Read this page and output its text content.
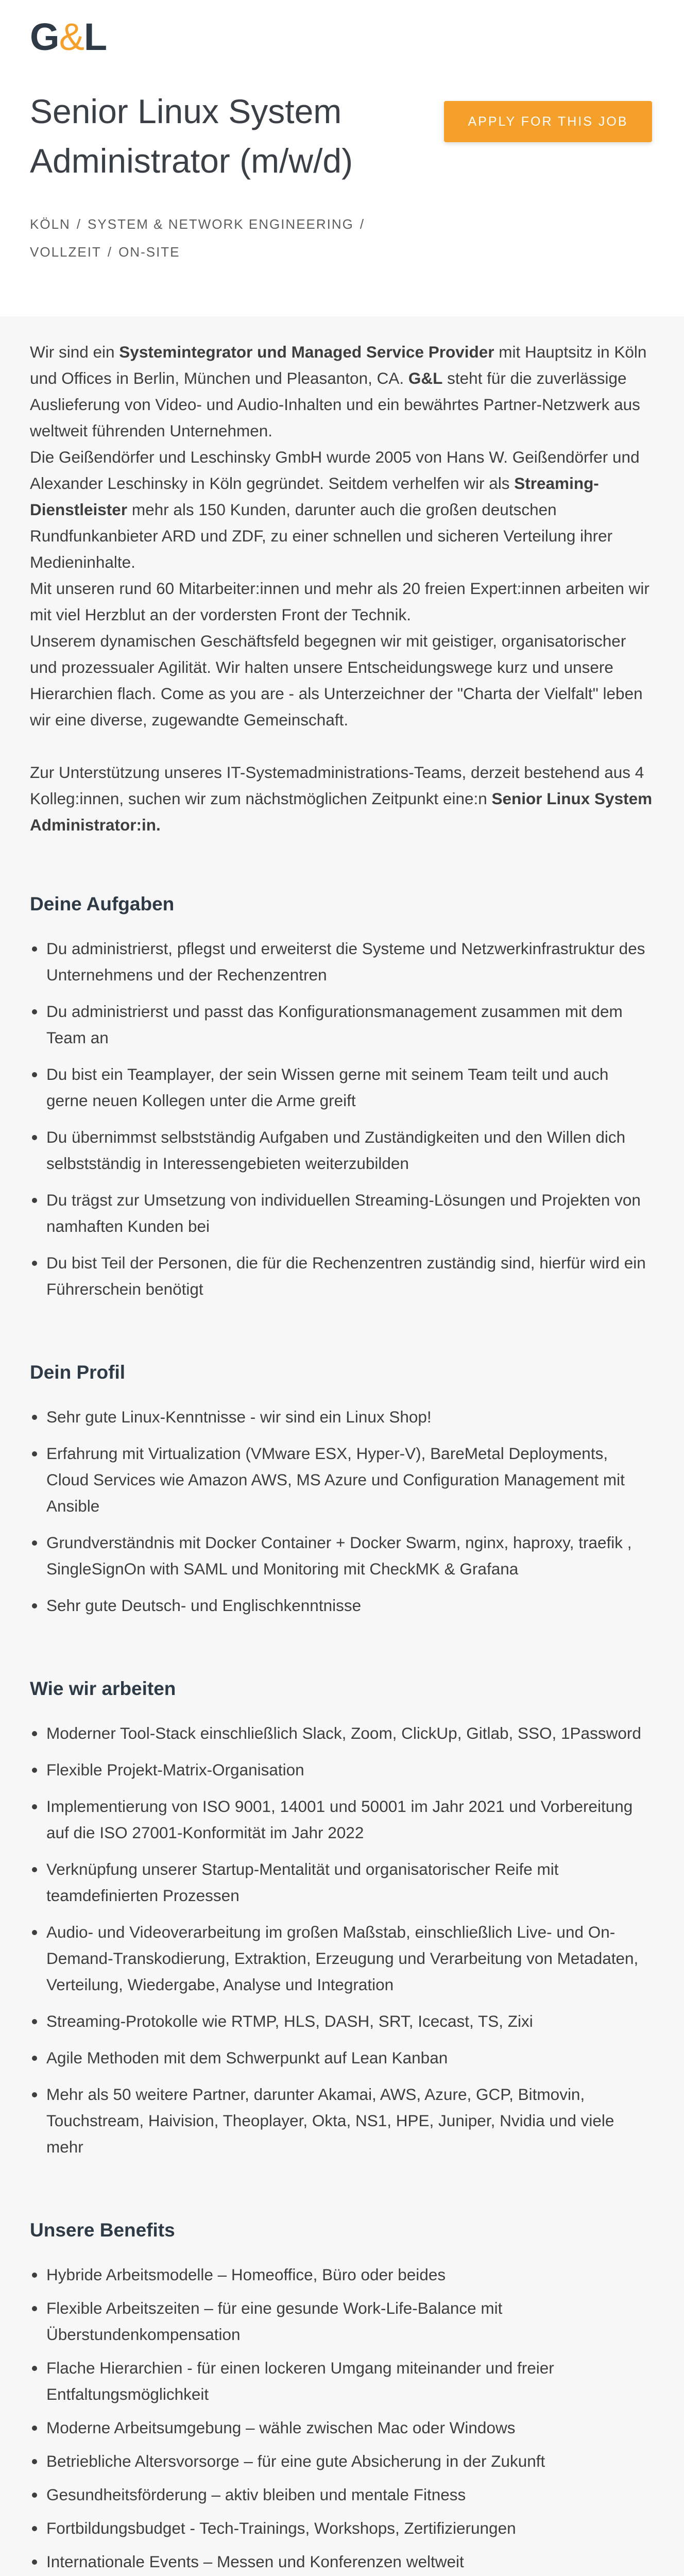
G&L
Senior Linux System Administrator (m/w/d)
APPLY FOR THIS JOB
KÖLN / SYSTEM & NETWORK ENGINEERING /
VOLLZEIT / ON-SITE

Wir sind ein Systemintegrator und Managed Service Provider mit Hauptsitz in Köln und Offices in Berlin, München und Pleasanton, CA. G&L steht für die zuverlässige Auslieferung von Video- und Audio-Inhalten und ein bewährtes Partner-Netzwerk aus weltweit führenden Unternehmen.

Die Geißendörfer und Leschinsky GmbH wurde 2005 von Hans W. Geißendörfer und Alexander Leschinsky in Köln gegründet. Seitdem verhelfen wir als Streaming-Dienstleister mehr als 150 Kunden, darunter auch die großen deutschen Rundfunkanbieter ARD und ZDF, zu einer schnellen und sicheren Verteilung ihrer Medieninhalte.

Mit unseren rund 60 Mitarbeiter:innen und mehr als 20 freien Expert:innen arbeiten wir mit viel Herzblut an der vordersten Front der Technik.

Unserem dynamischen Geschäftsfeld begegnen wir mit geistiger, organisatorischer und prozessualer Agilität. Wir halten unsere Entscheidungswege kurz und unsere Hierarchien flach. Come as you are - als Unterzeichner der "Charta der Vielfalt" leben wir eine diverse, zugewandte Gemeinschaft.

Zur Unterstützung unseres IT-Systemadministrations-Teams, derzeit bestehend aus 4 Kolleg:innen, suchen wir zum nächstmöglichen Zeitpunkt eine:n Senior Linux System Administrator:in.

Deine Aufgaben
Du administrierst, pflegst und erweiterst die Systeme und Netzwerkinfrastruktur des Unternehmens und der Rechenzentren
Du administrierst und passt das Konfigurationsmanagement zusammen mit dem Team an
Du bist ein Teamplayer, der sein Wissen gerne mit seinem Team teilt und auch gerne neuen Kollegen unter die Arme greift
Du übernimmst selbstständig Aufgaben und Zuständigkeiten und den Willen dich selbstständig in Interessengebieten weiterzubilden
Du trägst zur Umsetzung von individuellen Streaming-Lösungen und Projekten von namhaften Kunden bei
Du bist Teil der Personen, die für die Rechenzentren zuständig sind, hierfür wird ein Führerschein benötigt
Dein Profil
Sehr gute Linux-Kenntnisse - wir sind ein Linux Shop!
Erfahrung mit Virtualization (VMware ESX, Hyper-V), BareMetal Deployments, Cloud Services wie Amazon AWS, MS Azure und Configuration Management mit Ansible
Grundverständnis mit Docker Container + Docker Swarm, nginx, haproxy, traefik , SingleSignOn with SAML und Monitoring mit CheckMK & Grafana
Sehr gute Deutsch- und Englischkenntnisse
Wie wir arbeiten
Moderner Tool-Stack einschließlich Slack, Zoom, ClickUp, Gitlab, SSO, 1Password
Flexible Projekt-Matrix-Organisation
Implementierung von ISO 9001, 14001 und 50001 im Jahr 2021 und Vorbereitung auf die ISO 27001-Konformität im Jahr 2022
Verknüpfung unserer Startup-Mentalität und organisatorischer Reife mit teamdefinierten Prozessen
Audio- und Videoverarbeitung im großen Maßstab, einschließlich Live- und On-Demand-Transkodierung, Extraktion, Erzeugung und Verarbeitung von Metadaten, Verteilung, Wiedergabe, Analyse und Integration
Streaming-Protokolle wie RTMP, HLS, DASH, SRT, Icecast, TS, Zixi
Agile Methoden mit dem Schwerpunkt auf Lean Kanban
Mehr als 50 weitere Partner, darunter Akamai, AWS, Azure, GCP, Bitmovin, Touchstream, Haivision, Theoplayer, Okta, NS1, HPE, Juniper, Nvidia und viele mehr
Unsere Benefits
Hybride Arbeitsmodelle – Homeoffice, Büro oder beides
Flexible Arbeitszeiten – für eine gesunde Work-Life-Balance mit Überstundenkompensation
Flache Hierarchien - für einen lockeren Umgang miteinander und freier Entfaltungsmöglichkeit
Moderne Arbeitsumgebung – wähle zwischen Mac oder Windows
Betriebliche Altersvorsorge – für eine gute Absicherung in der Zukunft
Gesundheitsförderung – aktiv bleiben und mentale Fitness
Fortbildungsbudget - Tech-Trainings, Workshops, Zertifizierungen
Internationale Events – Messen und Konferenzen weltweit
